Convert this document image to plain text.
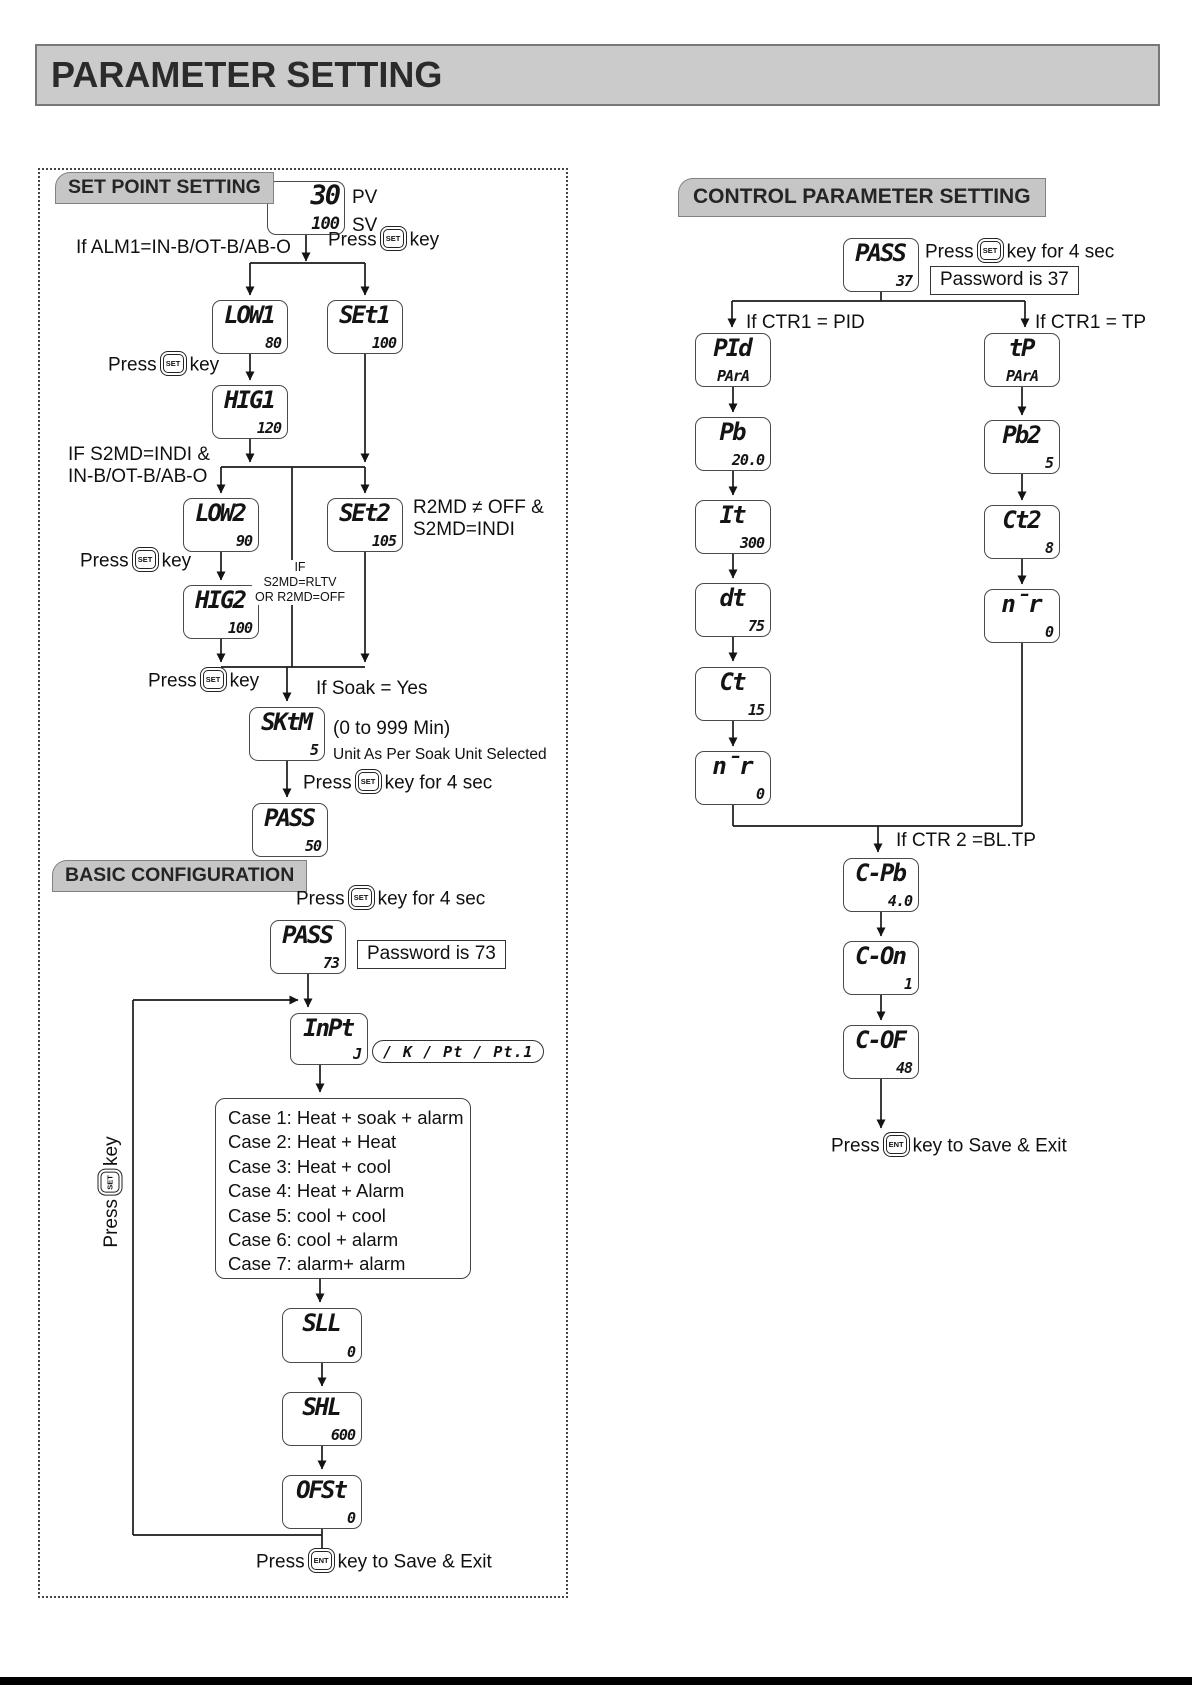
PARAMETER SETTING
SET POINT SETTING	30
100
PV
SV
If ALM1=IN-B/OT-B/AB-O Press	SET key
LOW1
80
SEt1
100
Press	SET key
HIG1
120
IF S2MD=INDI &
IN-B/OT-B/AB-O
LOW2
90
SEt2
105
R2MD ≠ OFF &
S2MD=INDI
Press	SET key
HIG2
100
IF
S2MD=RLTV
OR R2MD=OFF
Press	SET key	If Soak = Yes
SKtM
5
(0 to 999 Min)
Unit As Per Soak Unit Selected
Press	SET key for 4 sec
PASS
50
BASIC CONFIGURATION
Press	SET key for 4 sec
PASS
73	Password is 73
InPt
J	/ K / Pt / Pt.1
Case 1: Heat + soak + alarm
Case 2: Heat + Heat
Case 3: Heat + cool
Case 4: Heat + Alarm
Case 5: cool + cool
Case 6: cool + alarm
Case 7: alarm+ alarm
Press
SET
key
SLL
0
SHL
600
OFSt
0
Press	ENT key to Save & Exit
CONTROL PARAMETER SETTING
PASS
37
Press	SET key for 4 sec
Password is 37
If CTR1 = PID	If CTR1 = TP
PId
PArA
tP
PArA
Pb
20.0
It
300
dt
75
Ct
15
n̄r
0
Pb2
5
Ct2
8
n̄r
0
If CTR 2 =BL.TP
C-Pb
4.0
C-On
1
C-OF
48
Press	ENT key to Save & Exit
